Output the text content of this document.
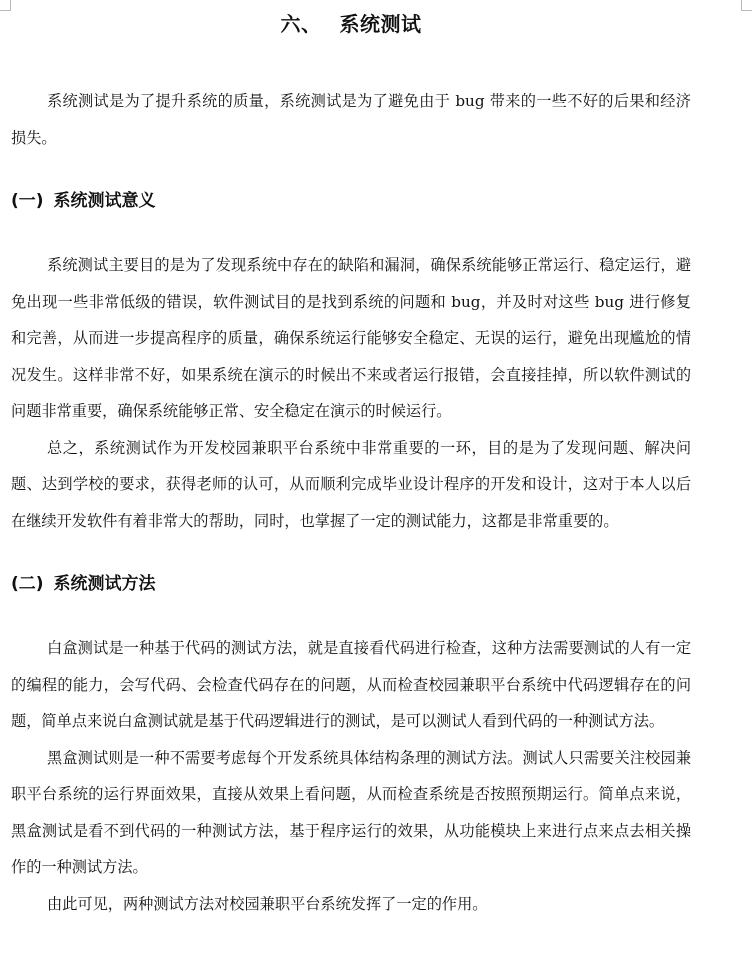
六、 系统测试

系统测试是为了提升系统的质量，系统测试是为了避免由于 bug 带来的一些不好的后果和经济损失。

(一) 系统测试意义

系统测试主要目的是为了发现系统中存在的缺陷和漏洞，确保系统能够正常运行、稳定运行，避免出现一些非常低级的错误，软件测试目的是找到系统的问题和 bug，并及时对这些 bug 进行修复和完善，从而进一步提高程序的质量，确保系统运行能够安全稳定、无误的运行，避免出现尴尬的情况发生。这样非常不好，如果系统在演示的时候出不来或者运行报错，会直接挂掉，所以软件测试的问题非常重要，确保系统能够正常、安全稳定在演示的时候运行。

总之，系统测试作为开发校园兼职平台系统中非常重要的一环，目的是为了发现问题、解决问题、达到学校的要求，获得老师的认可，从而顺利完成毕业设计程序的开发和设计，这对于本人以后在继续开发软件有着非常大的帮助，同时，也掌握了一定的测试能力，这都是非常重要的。

(二) 系统测试方法

白盒测试是一种基于代码的测试方法，就是直接看代码进行检查，这种方法需要测试的人有一定的编程的能力，会写代码、会检查代码存在的问题，从而检查校园兼职平台系统中代码逻辑存在的问题，简单点来说白盒测试就是基于代码逻辑进行的测试，是可以测试人看到代码的一种测试方法。

黑盒测试则是一种不需要考虑每个开发系统具体结构条理的测试方法。测试人只需要关注校园兼职平台系统的运行界面效果，直接从效果上看问题，从而检查系统是否按照预期运行。简单点来说，黑盒测试是看不到代码的一种测试方法，基于程序运行的效果，从功能模块上来进行点来点去相关操作的一种测试方法。

由此可见，两种测试方法对校园兼职平台系统发挥了一定的作用。
